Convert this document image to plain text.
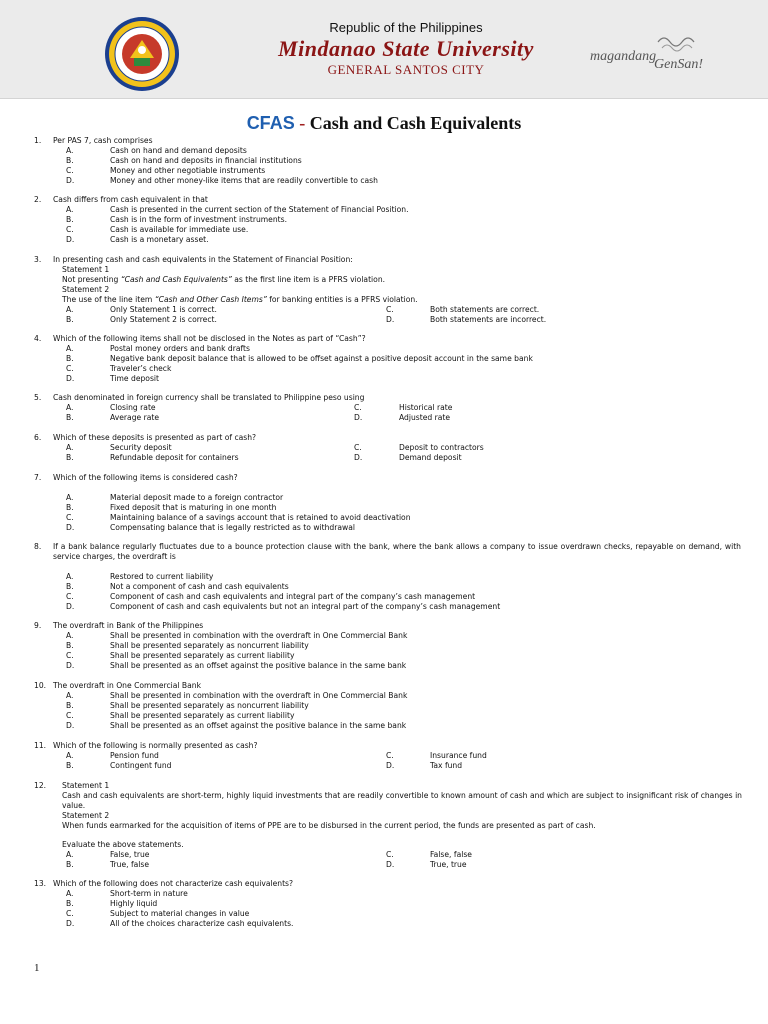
Republic of the Philippines
Mindanao State University
GENERAL SANTOS CITY
magandang
GenSan!
CFAS - Cash and Cash Equivalents
1.	Per PAS 7, cash comprises
A.	Cash on hand and demand deposits
B.	Cash on hand and deposits in financial institutions
C.	Money and other negotiable instruments
D.	Money and other money-like items that are readily convertible to cash
2.	Cash differs from cash equivalent in that
A.	Cash is presented in the current section of the Statement of Financial Position.
B.	Cash is in the form of investment instruments.
C.	Cash is available for immediate use.
D.	Cash is a monetary asset.
3.	In presenting cash and cash equivalents in the Statement of Financial Position:
Statement 1
Not presenting “Cash and Cash Equivalents” as the first line item is a PFRS violation.
Statement 2
The use of the line item “Cash and Other Cash Items” for banking entities is a PFRS violation.
A.	Only Statement 1 is correct.	C.	Both statements are correct.
B.	Only Statement 2 is correct.	D.	Both statements are incorrect.
4.	Which of the following items shall not be disclosed in the Notes as part of “Cash”?
A.	Postal money orders and bank drafts
B.	Negative bank deposit balance that is allowed to be offset against a positive deposit account in the same bank
C.	Traveler’s check
D.	Time deposit
5.	Cash denominated in foreign currency shall be translated to Philippine peso using
A.	Closing rate	C.	Historical rate
B.	Average rate	D.	Adjusted rate
6.	Which of these deposits is presented as part of cash?
A.	Security deposit	C.	Deposit to contractors
B.	Refundable deposit for containers	D.	Demand deposit
7.	Which of the following items is considered cash?
A.	Material deposit made to a foreign contractor
B.	Fixed deposit that is maturing in one month
C.	Maintaining balance of a savings account that is retained to avoid deactivation
D.	Compensating balance that is legally restricted as to withdrawal
8.	If a bank balance regularly fluctuates due to a bounce protection clause with the bank, where the bank allows a company to issue overdrawn checks, repayable on demand, with service charges, the overdraft is
A.	Restored to current liability
B.	Not a component of cash and cash equivalents
C.	Component of cash and cash equivalents and integral part of the company’s cash management
D.	Component of cash and cash equivalents but not an integral part of the company’s cash management
9.	The overdraft in Bank of the Philippines
A.	Shall be presented in combination with the overdraft in One Commercial Bank
B.	Shall be presented separately as noncurrent liability
C.	Shall be presented separately as current liability
D.	Shall be presented as an offset against the positive balance in the same bank
10. The overdraft in One Commercial Bank
A.	Shall be presented in combination with the overdraft in One Commercial Bank
B.	Shall be presented separately as noncurrent liability
C.	Shall be presented separately as current liability
D.	Shall be presented as an offset against the positive balance in the same bank
11. Which of the following is normally presented as cash?
A.	Pension fund	C.	Insurance fund
B.	Contingent fund	D.	Tax fund
12.	Statement 1
Cash and cash equivalents are short-term, highly liquid investments that are readily convertible to known amount of cash and which are subject to insignificant risk of changes in value.
Statement 2
When funds earmarked for the acquisition of items of PPE are to be disbursed in the current period, the funds are presented as part of cash.
Evaluate the above statements.
A.	False, true	C.	False, false
B.	True, false	D.	True, true
13. Which of the following does not characterize cash equivalents?
A.	Short-term in nature
B.	Highly liquid
C.	Subject to material changes in value
D.	All of the choices characterize cash equivalents.
1
